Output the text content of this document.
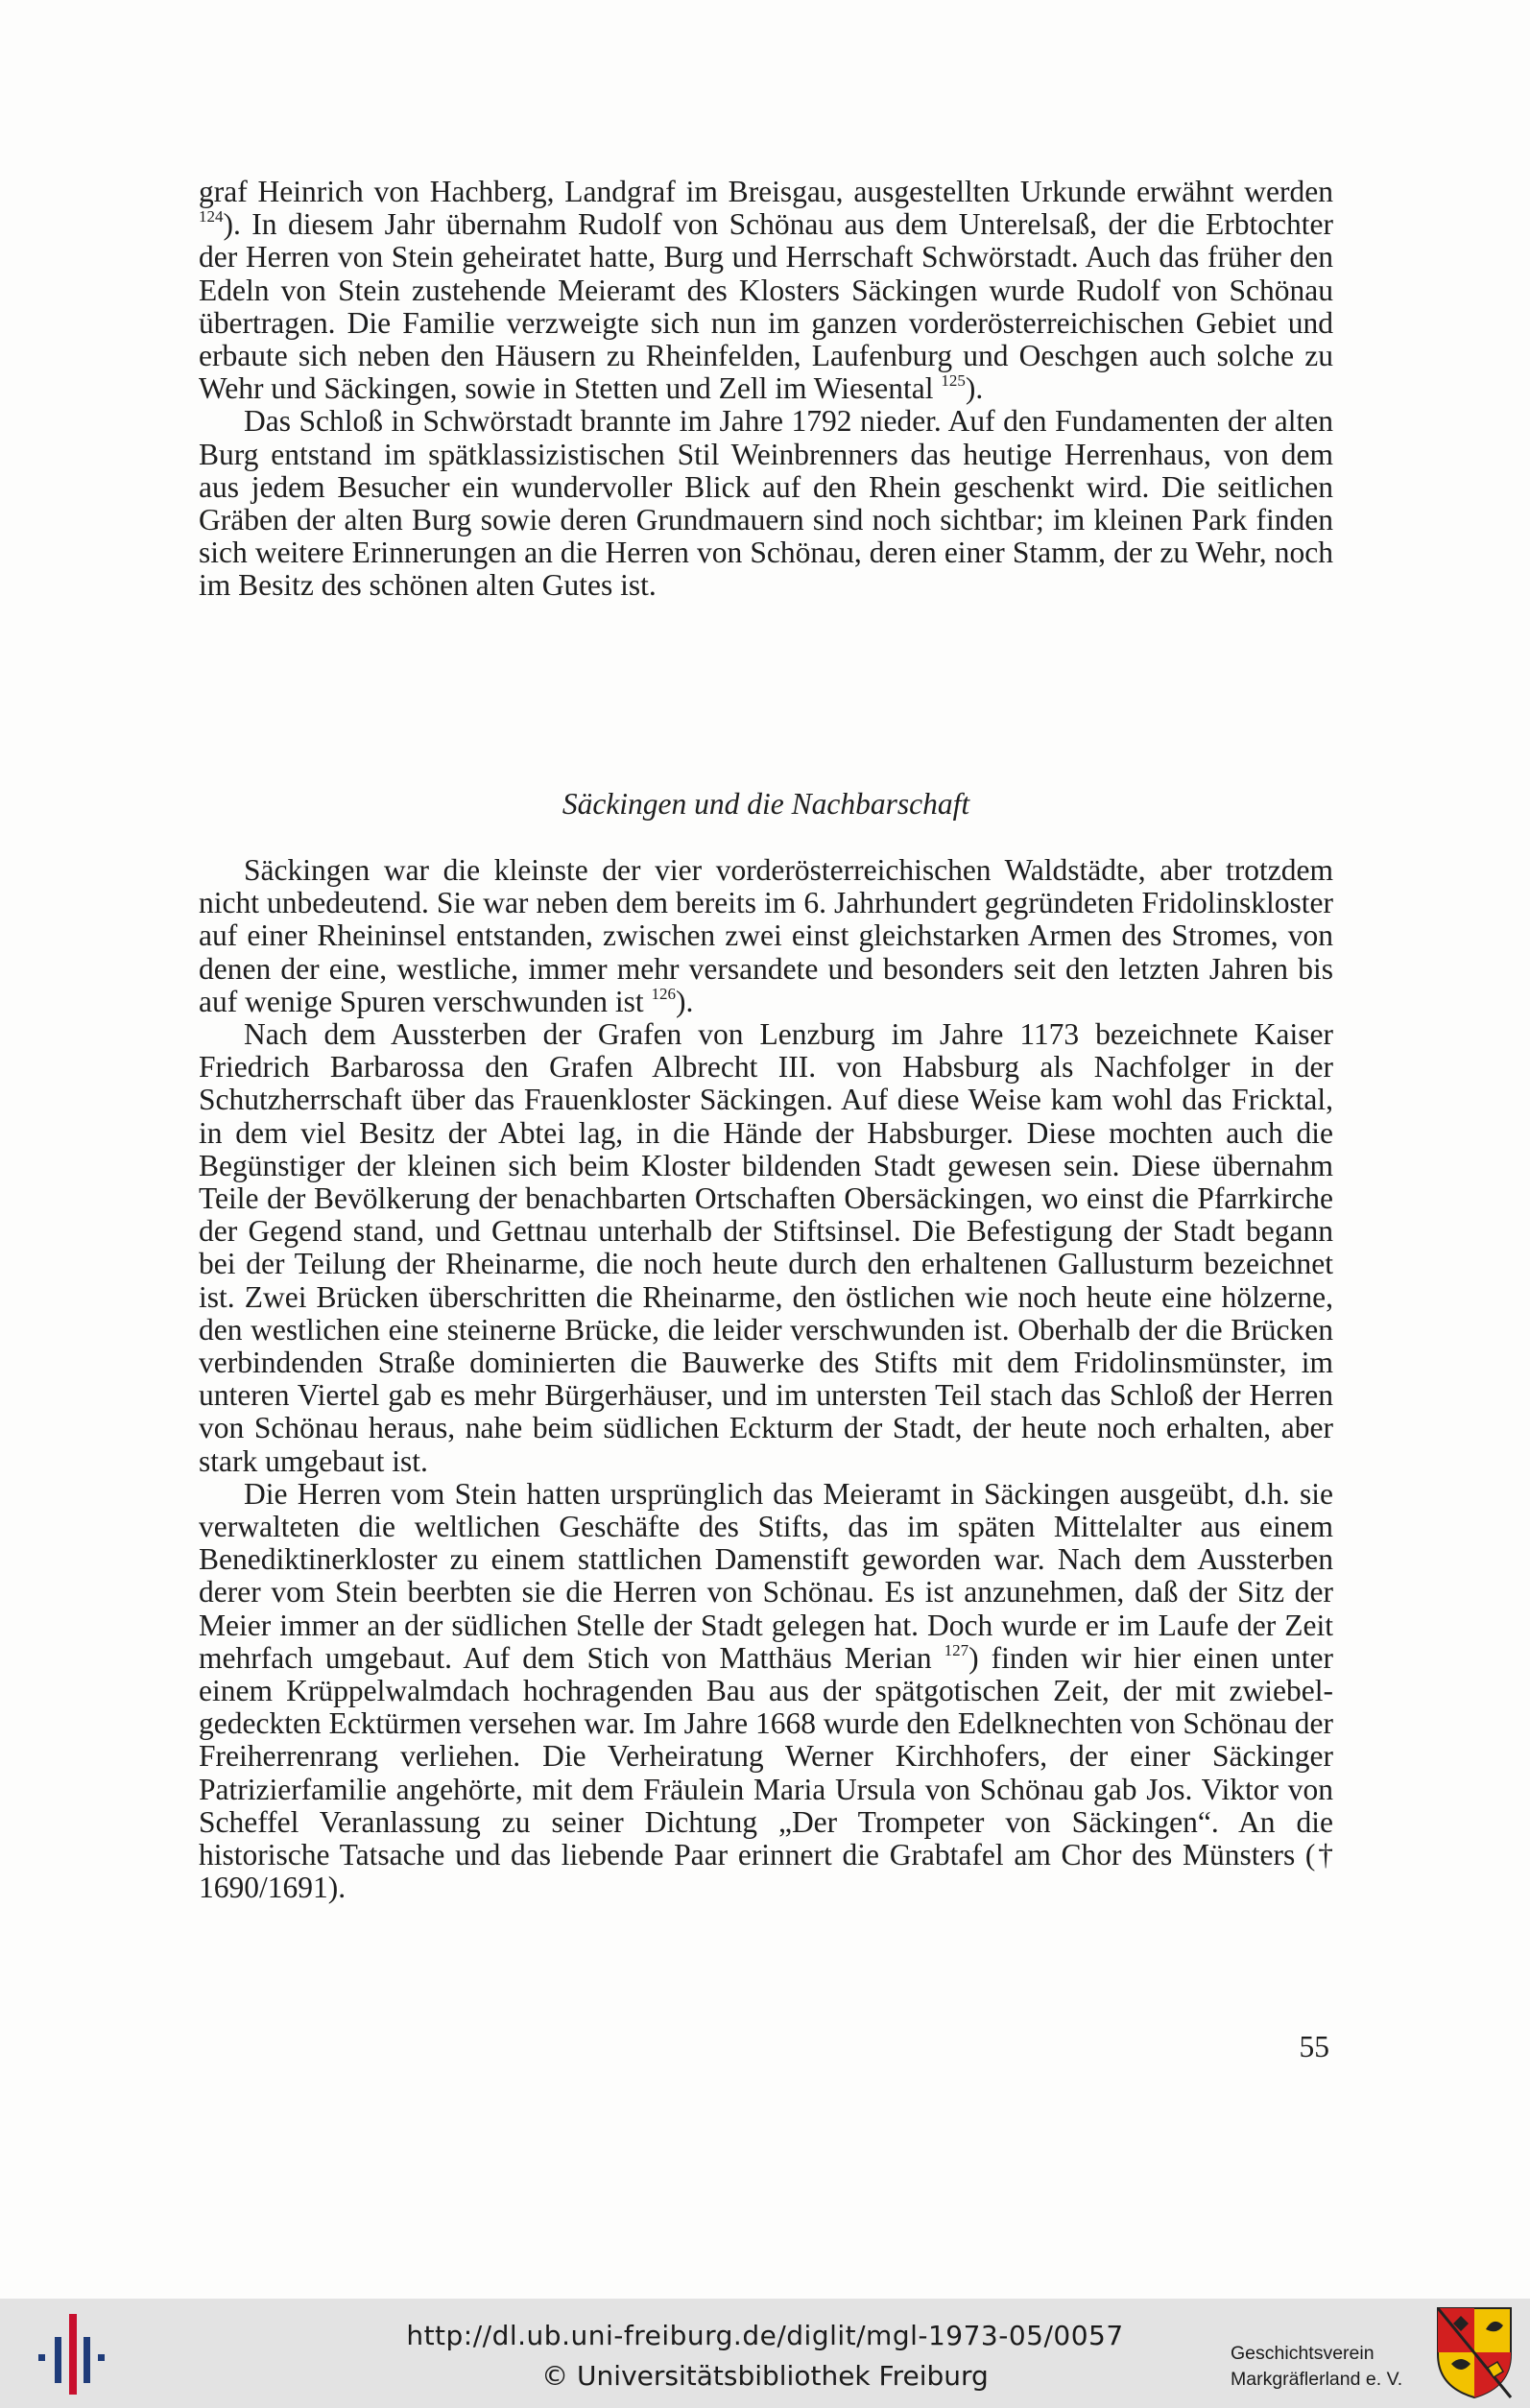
graf Heinrich von Hachberg, Landgraf im Breisgau, ausgestellten Urkunde erwähnt werden $^{124}$). In diesem Jahr übernahm Rudolf von Schönau aus dem Unterelsaß, der die Erbtochter der Herren von Stein geheiratet hatte, Burg und Herrschaft Schwörstadt. Auch das früher den Edeln von Stein zustehende Meieramt des Klosters Säckingen wurde Rudolf von Schönau übertragen. Die Familie verzweigte sich nun im ganzen vorderösterreichischen Gebiet und erbaute sich neben den Häusern zu Rheinfelden, Laufenburg und Oeschgen auch solche zu Wehr und Säckingen, sowie in Stetten und Zell im Wiesental $^{125}$).

Das Schloß in Schwörstadt brannte im Jahre 1792 nieder. Auf den Fundamenten der alten Burg entstand im spätklassizistischen Stil Weinbrenners das heutige Herrenhaus, von dem aus jedem Besucher ein wundervoller Blick auf den Rhein geschenkt wird. Die seitlichen Gräben der alten Burg sowie deren Grundmauern sind noch sichtbar; im kleinen Park finden sich weitere Erinnerungen an die Herren von Schönau, deren einer Stamm, der zu Wehr, noch im Besitz des schönen alten Gutes ist.

Säckingen und die Nachbarschaft

Säckingen war die kleinste der vier vorderösterreichischen Waldstädte, aber trotzdem nicht unbedeutend. Sie war neben dem bereits im 6. Jahrhundert gegründeten Fridolinskloster auf einer Rheininsel entstanden, zwischen zwei einst gleichstarken Armen des Stromes, von denen der eine, westliche, immer mehr versandete und besonders seit den letzten Jahren bis auf wenige Spuren verschwunden ist $^{126}$).

Nach dem Aussterben der Grafen von Lenzburg im Jahre 1173 bezeichnete Kaiser Friedrich Barbarossa den Grafen Albrecht III. von Habsburg als Nachfolger in der Schutzherrschaft über das Frauenkloster Säckingen. Auf diese Weise kam wohl das Fricktal, in dem viel Besitz der Abtei lag, in die Hände der Habsburger. Diese mochten auch die Begünstiger der kleinen sich beim Kloster bildenden Stadt gewesen sein. Diese übernahm Teile der Bevölkerung der benachbarten Ortschaften Obersäckingen, wo einst die Pfarrkirche der Gegend stand, und Gettnau unterhalb der Stiftsinsel. Die Befestigung der Stadt begann bei der Teilung der Rheinarme, die noch heute durch den erhaltenen Gallusturm bezeichnet ist. Zwei Brücken überschritten die Rheinarme, den östlichen wie noch heute eine hölzerne, den westlichen eine steinerne Brücke, die leider verschwunden ist. Oberhalb der die Brücken verbindenden Straße dominierten die Bauwerke des Stifts mit dem Fridolinsmünster, im unteren Viertel gab es mehr Bürgerhäuser, und im untersten Teil stach das Schloß der Herren von Schönau heraus, nahe beim südlichen Eckturm der Stadt, der heute noch erhalten, aber stark umgebaut ist.

Die Herren vom Stein hatten ursprünglich das Meieramt in Säckingen ausgeübt, d.h. sie verwalteten die weltlichen Geschäfte des Stifts, das im späten Mittelalter aus einem Benediktinerkloster zu einem stattlichen Damenstift geworden war. Nach dem Aussterben derer vom Stein beerbten sie die Herren von Schönau. Es ist anzunehmen, daß der Sitz der Meier immer an der südlichen Stelle der Stadt gelegen hat. Doch wurde er im Laufe der Zeit mehrfach umgebaut. Auf dem Stich von Matthäus Merian $^{127}$) finden wir hier einen unter einem Krüppelwalmdach hochragenden Bau aus der spätgotischen Zeit, der mit zwiebelgedeckten Ecktürmen versehen war. Im Jahre 1668 wurde den Edelknechten von Schönau der Freiherrenrang verliehen. Die Verheiratung Werner Kirchhofers, der einer Säckinger Patrizierfamilie angehörte, mit dem Fräulein Maria Ursula von Schönau gab Jos. Viktor von Scheffel Veranlassung zu seiner Dichtung „Der Trompeter von Säckingen“. An die historische Tatsache und das liebende Paar erinnert die Grabtafel am Chor des Münsters († 1690/1691).

55
http://dl.ub.uni-freiburg.de/diglit/mgl-1973-05/0057
© Universitätsbibliothek Freiburg
Geschichtsverein
Markgräflerland e. V.
